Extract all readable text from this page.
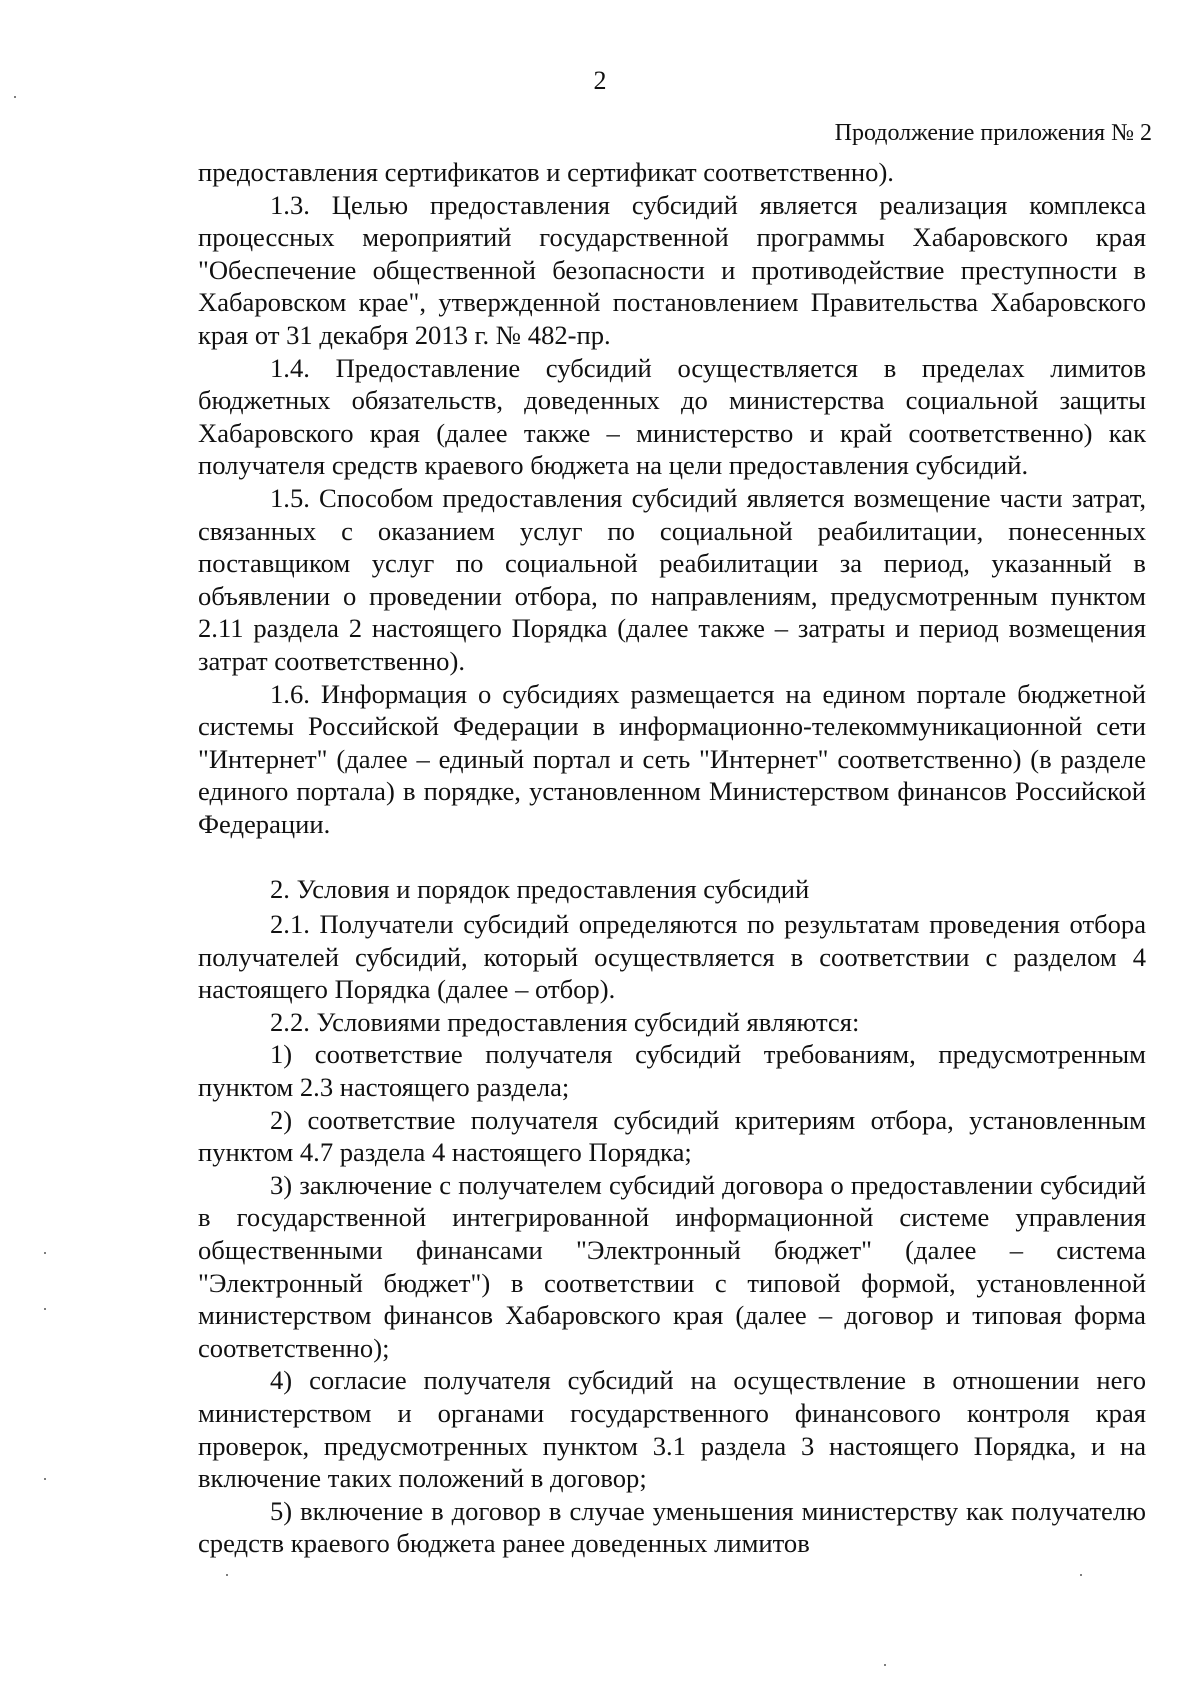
2
Продолжение приложения № 2

предоставления сертификатов и сертификат соответственно).

1.3. Целью предоставления субсидий является реализация комплекса процессных мероприятий государственной программы Хабаровского края "Обеспечение общественной безопасности и противодействие преступности в Хабаровском крае", утвержденной постановлением Правительства Хабаровского края от 31 декабря 2013 г. № 482-пр.

1.4. Предоставление субсидий осуществляется в пределах лимитов бюджетных обязательств, доведенных до министерства социальной защиты Хабаровского края (далее также – министерство и край соответственно) как получателя средств краевого бюджета на цели предоставления субсидий.

1.5. Способом предоставления субсидий является возмещение части затрат, связанных с оказанием услуг по социальной реабилитации, понесенных поставщиком услуг по социальной реабилитации за период, указанный в объявлении о проведении отбора, по направлениям, предусмотренным пунктом 2.11 раздела 2 настоящего Порядка (далее также – затраты и период возмещения затрат соответственно).

1.6. Информация о субсидиях размещается на едином портале бюджетной системы Российской Федерации в информационно-телекоммуникационной сети "Интернет" (далее – единый портал и сеть "Интернет" соответственно) (в разделе единого портала) в порядке, установленном Министерством финансов Российской Федерации.

2. Условия и порядок предоставления субсидий

2.1. Получатели субсидий определяются по результатам проведения отбора получателей субсидий, который осуществляется в соответствии с разделом 4 настоящего Порядка (далее – отбор).

2.2. Условиями предоставления субсидий являются:

1) соответствие получателя субсидий требованиям, предусмотренным пунктом 2.3 настоящего раздела;

2) соответствие получателя субсидий критериям отбора, установленным пунктом 4.7 раздела 4 настоящего Порядка;

3) заключение с получателем субсидий договора о предоставлении субсидий в государственной интегрированной информационной системе управления общественными финансами "Электронный бюджет" (далее – система "Электронный бюджет") в соответствии с типовой формой, установленной министерством финансов Хабаровского края (далее – договор и типовая форма соответственно);

4) согласие получателя субсидий на осуществление в отношении него министерством и органами государственного финансового контроля края проверок, предусмотренных пунктом 3.1 раздела 3 настоящего Порядка, и на включение таких положений в договор;

5) включение в договор в случае уменьшения министерству как получателю средств краевого бюджета ранее доведенных лимитов
